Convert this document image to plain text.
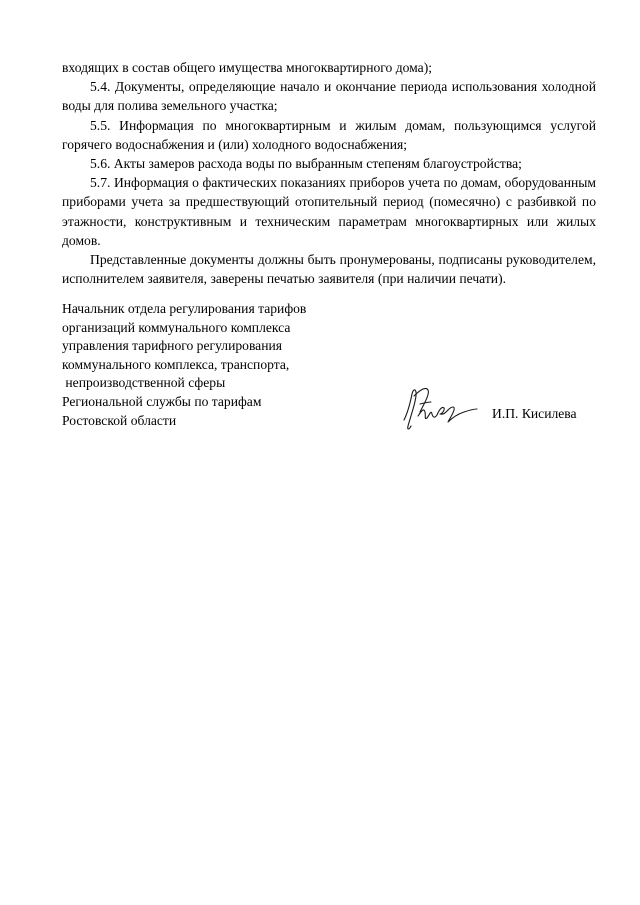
входящих в состав общего имущества многоквартирного дома);

5.4. Документы, определяющие начало и окончание периода использования холодной воды для полива земельного участка;

5.5. Информация по многоквартирным и жилым домам, пользующимся услугой горячего водоснабжения и (или) холодного водоснабжения;

5.6. Акты замеров расхода воды по выбранным степеням благоустройства;

5.7. Информация о фактических показаниях приборов учета по домам, оборудованным приборами учета за предшествующий отопительный период (помесячно) с разбивкой по этажности, конструктивным и техническим параметрам многоквартирных или жилых домов.

Представленные документы должны быть пронумерованы, подписаны руководителем, исполнителем заявителя, заверены печатью заявителя (при наличии печати).

Начальник отдела регулирования тарифов
организаций коммунального комплекса
управления тарифного регулирования
коммунального комплекса, транспорта,
непроизводственной сферы
Региональной службы по тарифам
Ростовской области	И.П. Кисилева
